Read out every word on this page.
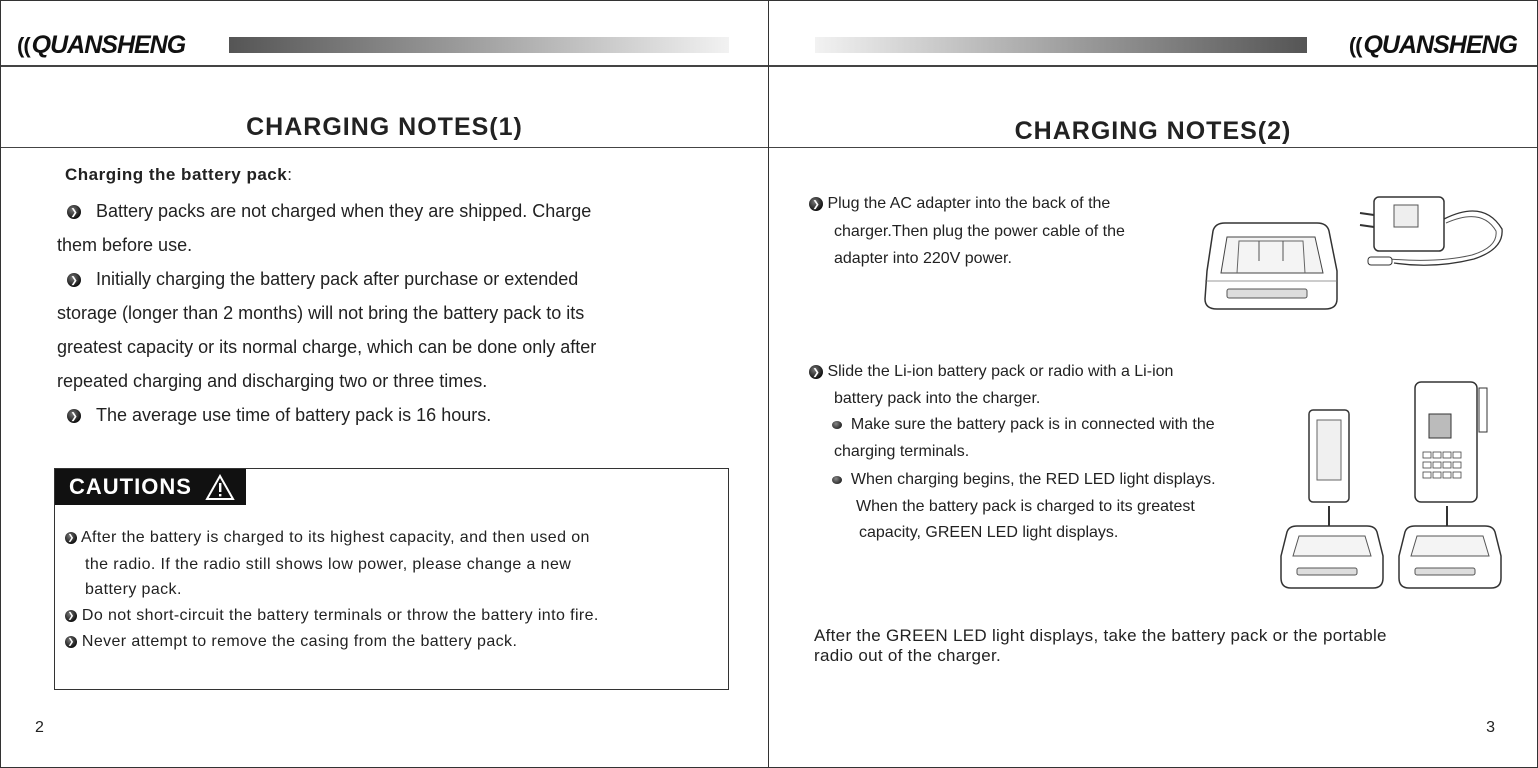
((QUANSHENG
CHARGING NOTES(1)
Charging the battery pack:
❯ Battery packs are not charged when they are shipped. Charge
them before use.
❯ Initially charging the battery pack after purchase or extended
storage (longer than 2 months) will not bring the battery pack to its
greatest capacity or its normal charge, which can be done only after
repeated charging and discharging two or three times.
❯ The average use time of battery pack is 16 hours.
CAUTIONS
❯ After the battery is charged to its highest capacity, and then used on
the radio. If the radio still shows low power, please change a new
battery pack.
❯ Do not short-circuit the battery terminals or throw the battery into fire.
❯ Never attempt to remove the casing from the battery pack.
2
((QUANSHENG
CHARGING NOTES(2)
❯ Plug the AC adapter into the back of the
charger.Then plug the power cable of the
adapter into 220V power.
❯ Slide the Li-ion battery pack or radio with a Li-ion
battery pack into the charger.
Make sure the battery pack is in connected with the
charging terminals.
When charging begins, the RED LED light displays.
When the battery pack is charged to its greatest
capacity, GREEN LED light displays.
After the GREEN LED light displays, take the battery pack or the portable
radio out of the charger.
3
